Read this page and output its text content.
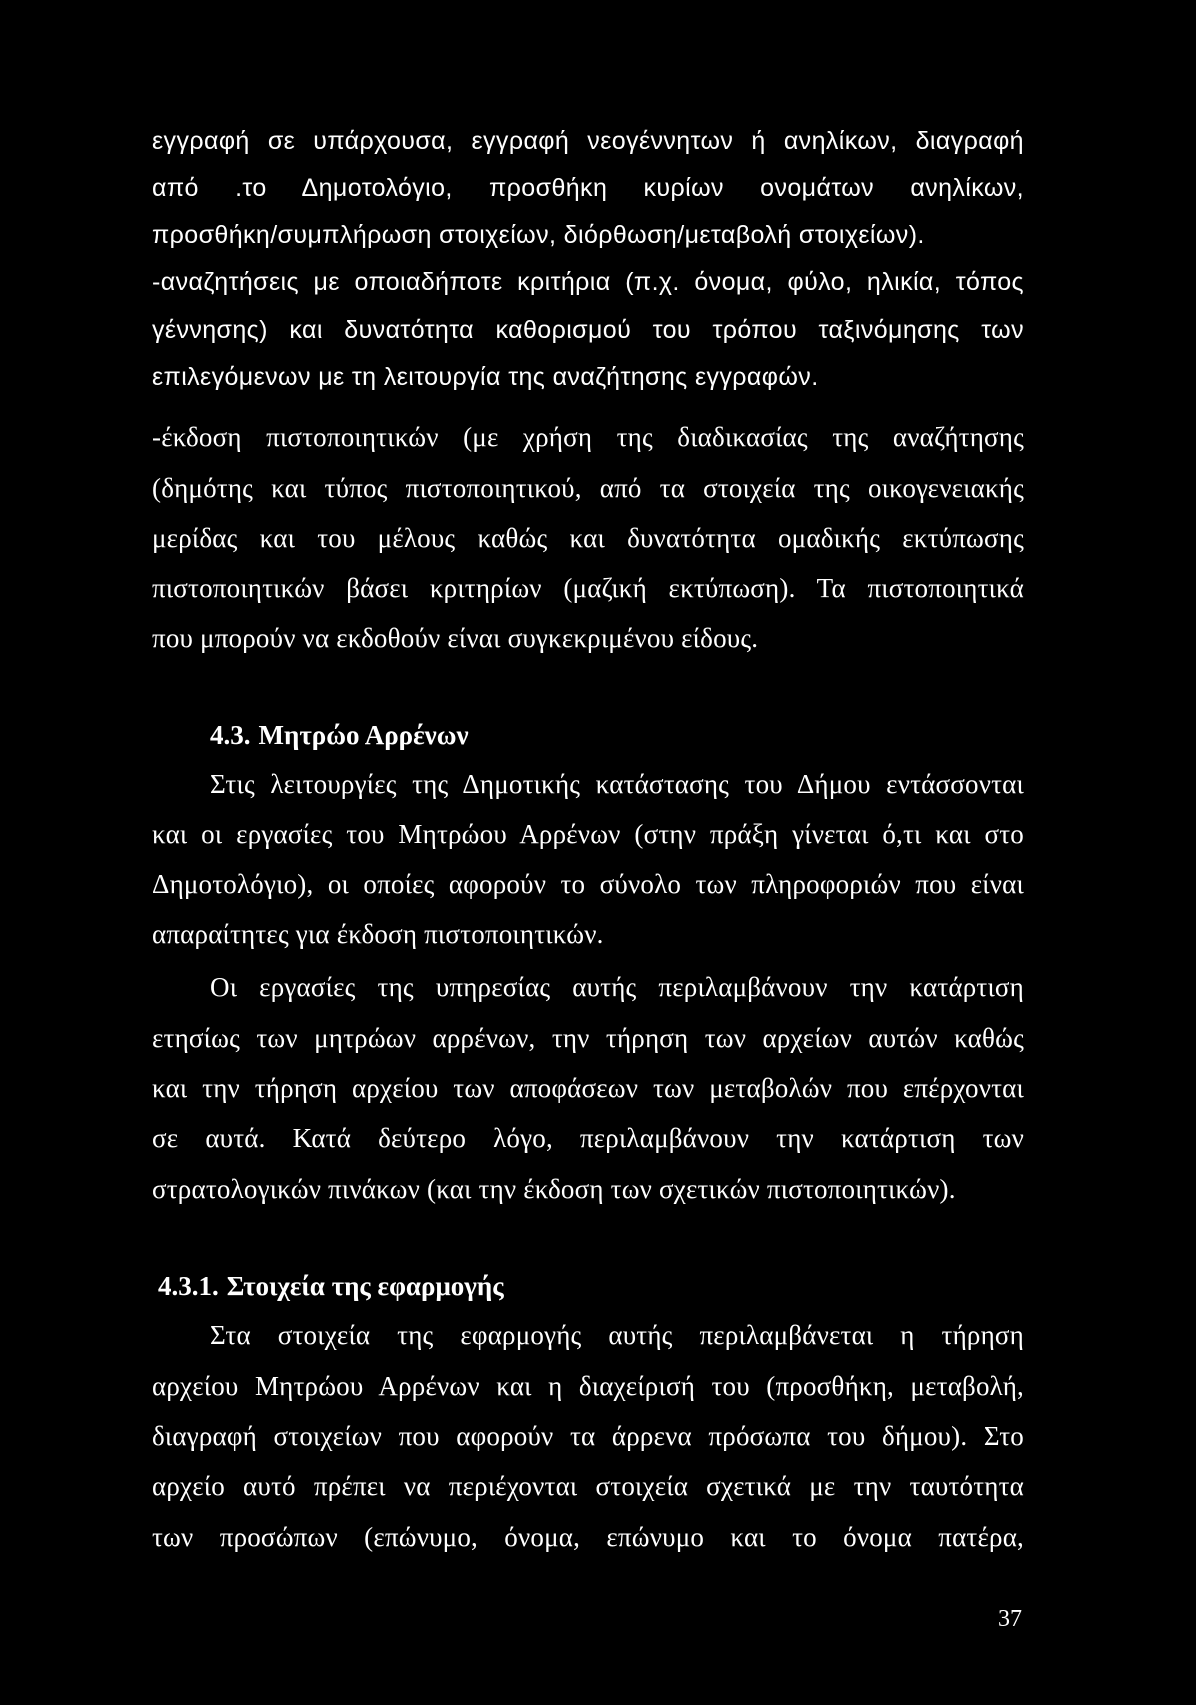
εγγραφή σε υπάρχουσα, εγγραφή νεογέννητων ή ανηλίκων, διαγραφή
από .το Δημοτολόγιο, προσθήκη κυρίων ονομάτων ανηλίκων,
προσθήκη/συμπλήρωση στοιχείων, διόρθωση/μεταβολή στοιχείων).
-αναζητήσεις με οποιαδήποτε κριτήρια (π.χ. όνομα, φύλο, ηλικία, τόπος
γέννησης) και δυνατότητα καθορισμού του τρόπου ταξινόμησης των
επιλεγόμενων με τη λειτουργία της αναζήτησης εγγραφών.
-έκδοση πιστοποιητικών (με χρήση της διαδικασίας της αναζήτησης
(δημότης και τύπος πιστοποιητικού, από τα στοιχεία της οικογενειακής
μερίδας και του μέλους καθώς και δυνατότητα ομαδικής εκτύπωσης
πιστοποιητικών βάσει κριτηρίων (μαζική εκτύπωση). Τα πιστοποιητικά
που μπορούν να εκδοθούν είναι συγκεκριμένου είδους.
4.3. Μητρώο Αρρένων
Στις λειτουργίες της Δημοτικής κατάστασης του Δήμου εντάσσονται
και οι εργασίες του Μητρώου Αρρένων (στην πράξη γίνεται ό,τι και στο
Δημοτολόγιο), οι οποίες αφορούν το σύνολο των πληροφοριών που είναι
απαραίτητες για έκδοση πιστοποιητικών.
Οι εργασίες της υπηρεσίας αυτής περιλαμβάνουν την κατάρτιση
ετησίως των μητρώων αρρένων, την τήρηση των αρχείων αυτών καθώς
και την τήρηση αρχείου των αποφάσεων των μεταβολών που επέρχονται
σε αυτά. Κατά δεύτερο λόγο, περιλαμβάνουν την κατάρτιση των
στρατολογικών πινάκων (και την έκδοση των σχετικών πιστοποιητικών).
4.3.1. Στοιχεία της εφαρμογής
Στα στοιχεία της εφαρμογής αυτής περιλαμβάνεται η τήρηση
αρχείου Μητρώου Αρρένων και η διαχείρισή του (προσθήκη, μεταβολή,
διαγραφή στοιχείων που αφορούν τα άρρενα πρόσωπα του δήμου). Στο
αρχείο αυτό πρέπει να περιέχονται στοιχεία σχετικά με την ταυτότητα
των προσώπων (επώνυμο, όνομα, επώνυμο και το όνομα πατέρα,
37
